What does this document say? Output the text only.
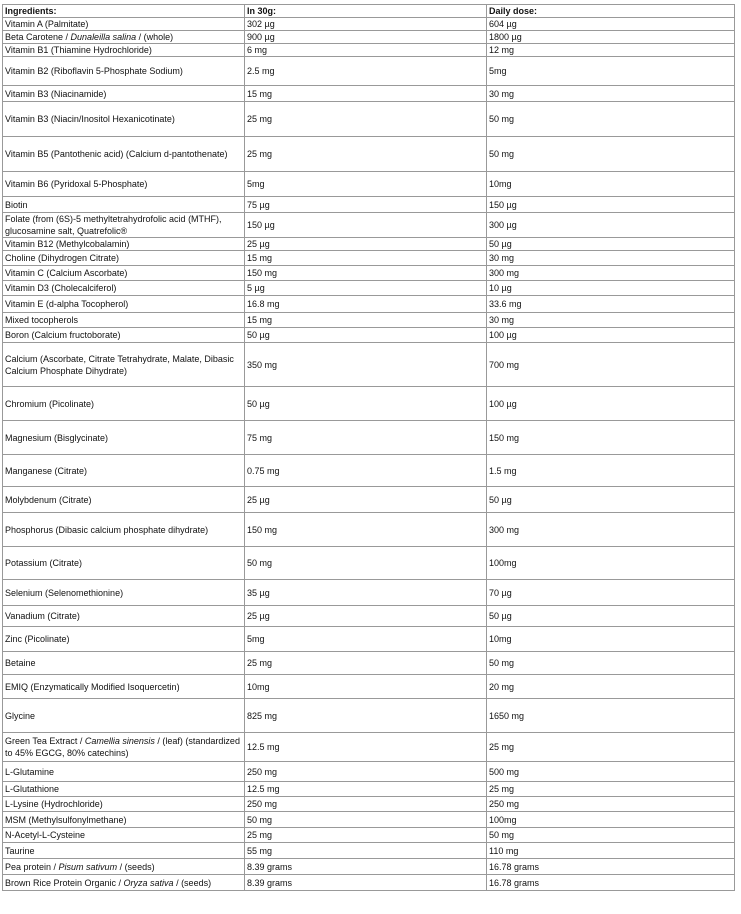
Ingredients:	In 30g:	Daily dose:
Vitamin A (Palmitate)	302 µg	604 µg
Beta Carotene / Dunaleilla salina / (whole)	900 µg	1800 µg
Vitamin B1 (Thiamine Hydrochloride)	6 mg	12 mg
Vitamin B2 (Riboflavin 5-Phosphate Sodium)	2.5 mg	5mg
Vitamin B3 (Niacinamide)	15 mg	30 mg
Vitamin B3 (Niacin/Inositol Hexanicotinate)	25 mg	50 mg
Vitamin B5 (Pantothenic acid) (Calcium d-pantothenate)	25 mg	50 mg
Vitamin B6 (Pyridoxal 5-Phosphate)	5mg	10mg
Biotin	75 µg	150 µg
Folate (from (6S)-5 methyltetrahydrofolic acid (MTHF), glucosamine salt, Quatrefolic®	150 µg	300 µg
Vitamin B12 (Methylcobalamin)	25 µg	50 µg
Choline (Dihydrogen Citrate)	15 mg	30 mg
Vitamin C (Calcium Ascorbate)	150 mg	300 mg
Vitamin D3 (Cholecalciferol)	5 µg	10 µg
Vitamin E (d-alpha Tocopherol)	16.8 mg	33.6 mg
Mixed tocopherols	15 mg	30 mg
Boron (Calcium fructoborate)	50 µg	100 µg
Calcium (Ascorbate, Citrate Tetrahydrate, Malate, Dibasic Calcium Phosphate Dihydrate)	350 mg	700 mg
Chromium (Picolinate)	50 µg	100 µg
Magnesium (Bisglycinate)	75 mg	150 mg
Manganese (Citrate)	0.75 mg	1.5 mg
Molybdenum (Citrate)	25 µg	50 µg
Phosphorus (Dibasic calcium phosphate dihydrate)	150 mg	300 mg
Potassium (Citrate)	50 mg	100mg
Selenium (Selenomethionine)	35 µg	70 µg
Vanadium (Citrate)	25 µg	50 µg
Zinc (Picolinate)	5mg	10mg
Betaine	25 mg	50 mg
EMIQ (Enzymatically Modified Isoquercetin)	10mg	20 mg
Glycine	825 mg	1650 mg
Green Tea Extract / Camellia sinensis / (leaf) (standardized to 45% EGCG, 80% catechins)	12.5 mg	25 mg
L-Glutamine	250 mg	500 mg
L-Glutathione	12.5 mg	25 mg
L-Lysine (Hydrochloride)	250 mg	250 mg
MSM (Methylsulfonylmethane)	50 mg	100mg
N-Acetyl-L-Cysteine	25 mg	50 mg
Taurine	55 mg	110 mg
Pea protein / Pisum sativum / (seeds)	8.39 grams	16.78 grams
Brown Rice Protein Organic / Oryza sativa / (seeds)	8.39 grams	16.78 grams
